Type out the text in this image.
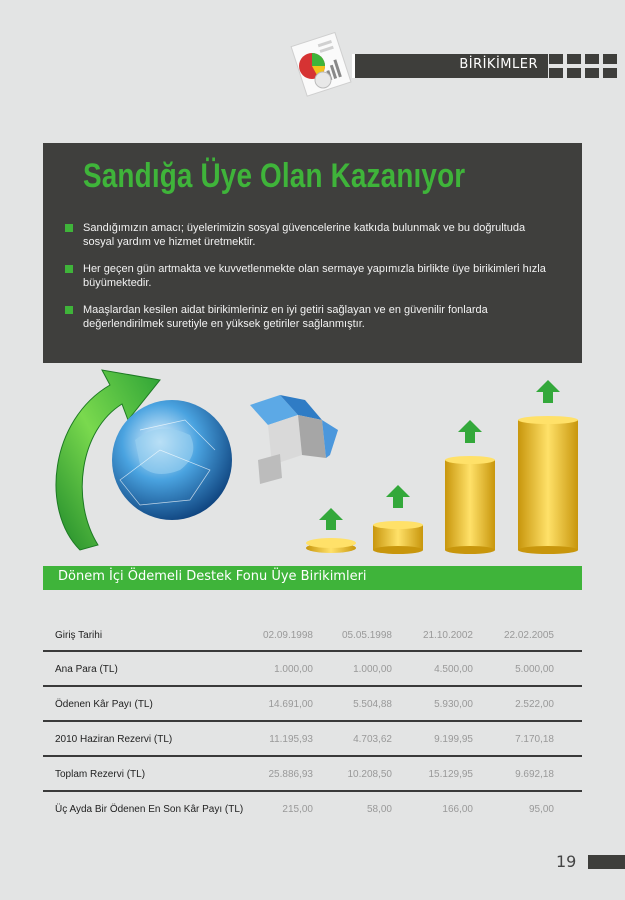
BİRİKİMLER
Sandığa Üye Olan Kazanıyor
Sandığımızın amacı; üyelerimizin sosyal güvencelerine katkıda bulunmak ve bu doğrultuda sosyal yardım ve hizmet üretmektir.
Her geçen gün artmakta ve kuvvetlenmekte olan sermaye yapımızla birlikte üye birikimleri hızla büyümektedir.
Maaşlardan kesilen aidat birikimleriniz en iyi getiri sağlayan ve en güvenilir fonlarda değerlendirilmek suretiyle en yüksek getiriler sağlanmıştır.
Dönem İçi Ödemeli Destek Fonu Üye Birikimleri
Giriş Tarihi	02.09.1998	05.05.1998	21.10.2002	22.02.2005
Ana Para (TL)	1.000,00	1.000,00	4.500,00	5.000,00
Ödenen Kâr Payı (TL)	14.691,00	5.504,88	5.930,00	2.522,00
2010 Haziran Rezervi (TL)	11.195,93	4.703,62	9.199,95	7.170,18
Toplam Rezervi (TL)	25.886,93	10.208,50	15.129,95	9.692,18
Üç Ayda Bir Ödenen En Son Kâr Payı (TL)	215,00	58,00	166,00	95,00
19
